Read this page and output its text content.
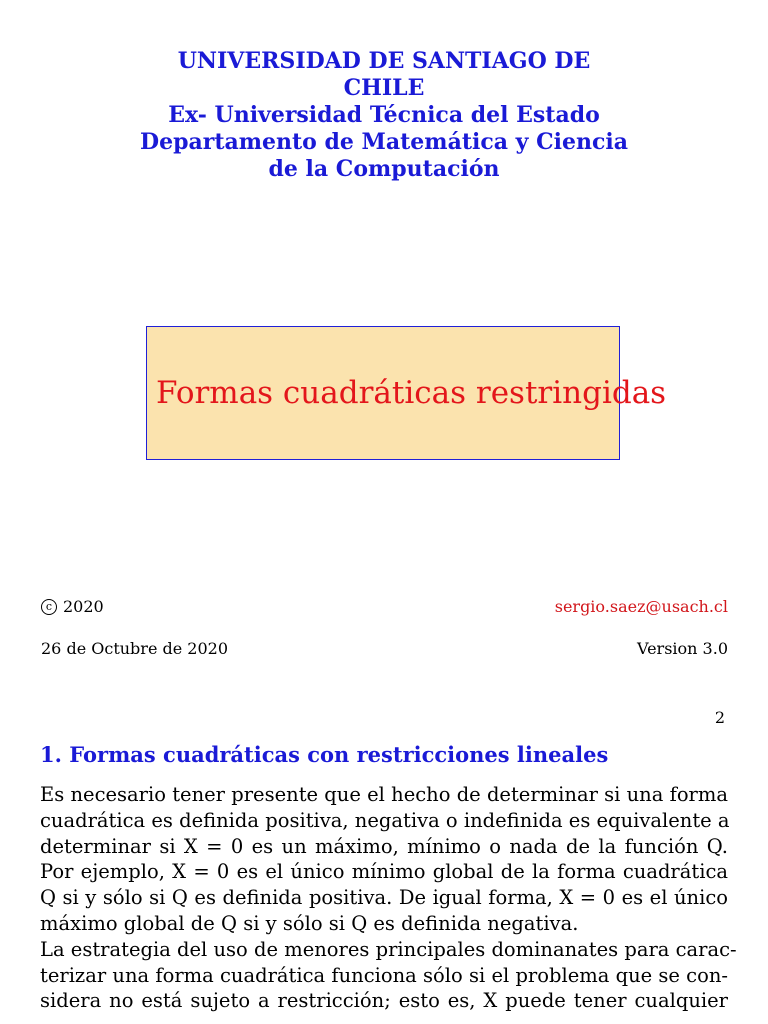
UNIVERSIDAD DE SANTIAGO DE
CHILE
Ex- Universidad Técnica del Estado
Departamento de Matemática y Ciencia
de la Computación
Formas cuadráticas restringidas
c 2020	sergio.saez@usach.cl
26 de Octubre de 2020	Version 3.0
2
1. Formas cuadráticas con restricciones lineales
Es necesario tener presente que el hecho de determinar si una forma
cuadrática es definida positiva, negativa o indefinida es equivalente a
determinar si X = 0 es un máximo, mínimo o nada de la función Q.
Por ejemplo, X = 0 es el único mínimo global de la forma cuadrática
Q si y sólo si Q es definida positiva. De igual forma, X = 0 es el único
máximo global de Q si y sólo si Q es definida negativa.
La estrategia del uso de menores principales dominanates para carac-
terizar una forma cuadrática funciona sólo si el problema que se con-
sidera no está sujeto a restricción; esto es, X puede tener cualquier
